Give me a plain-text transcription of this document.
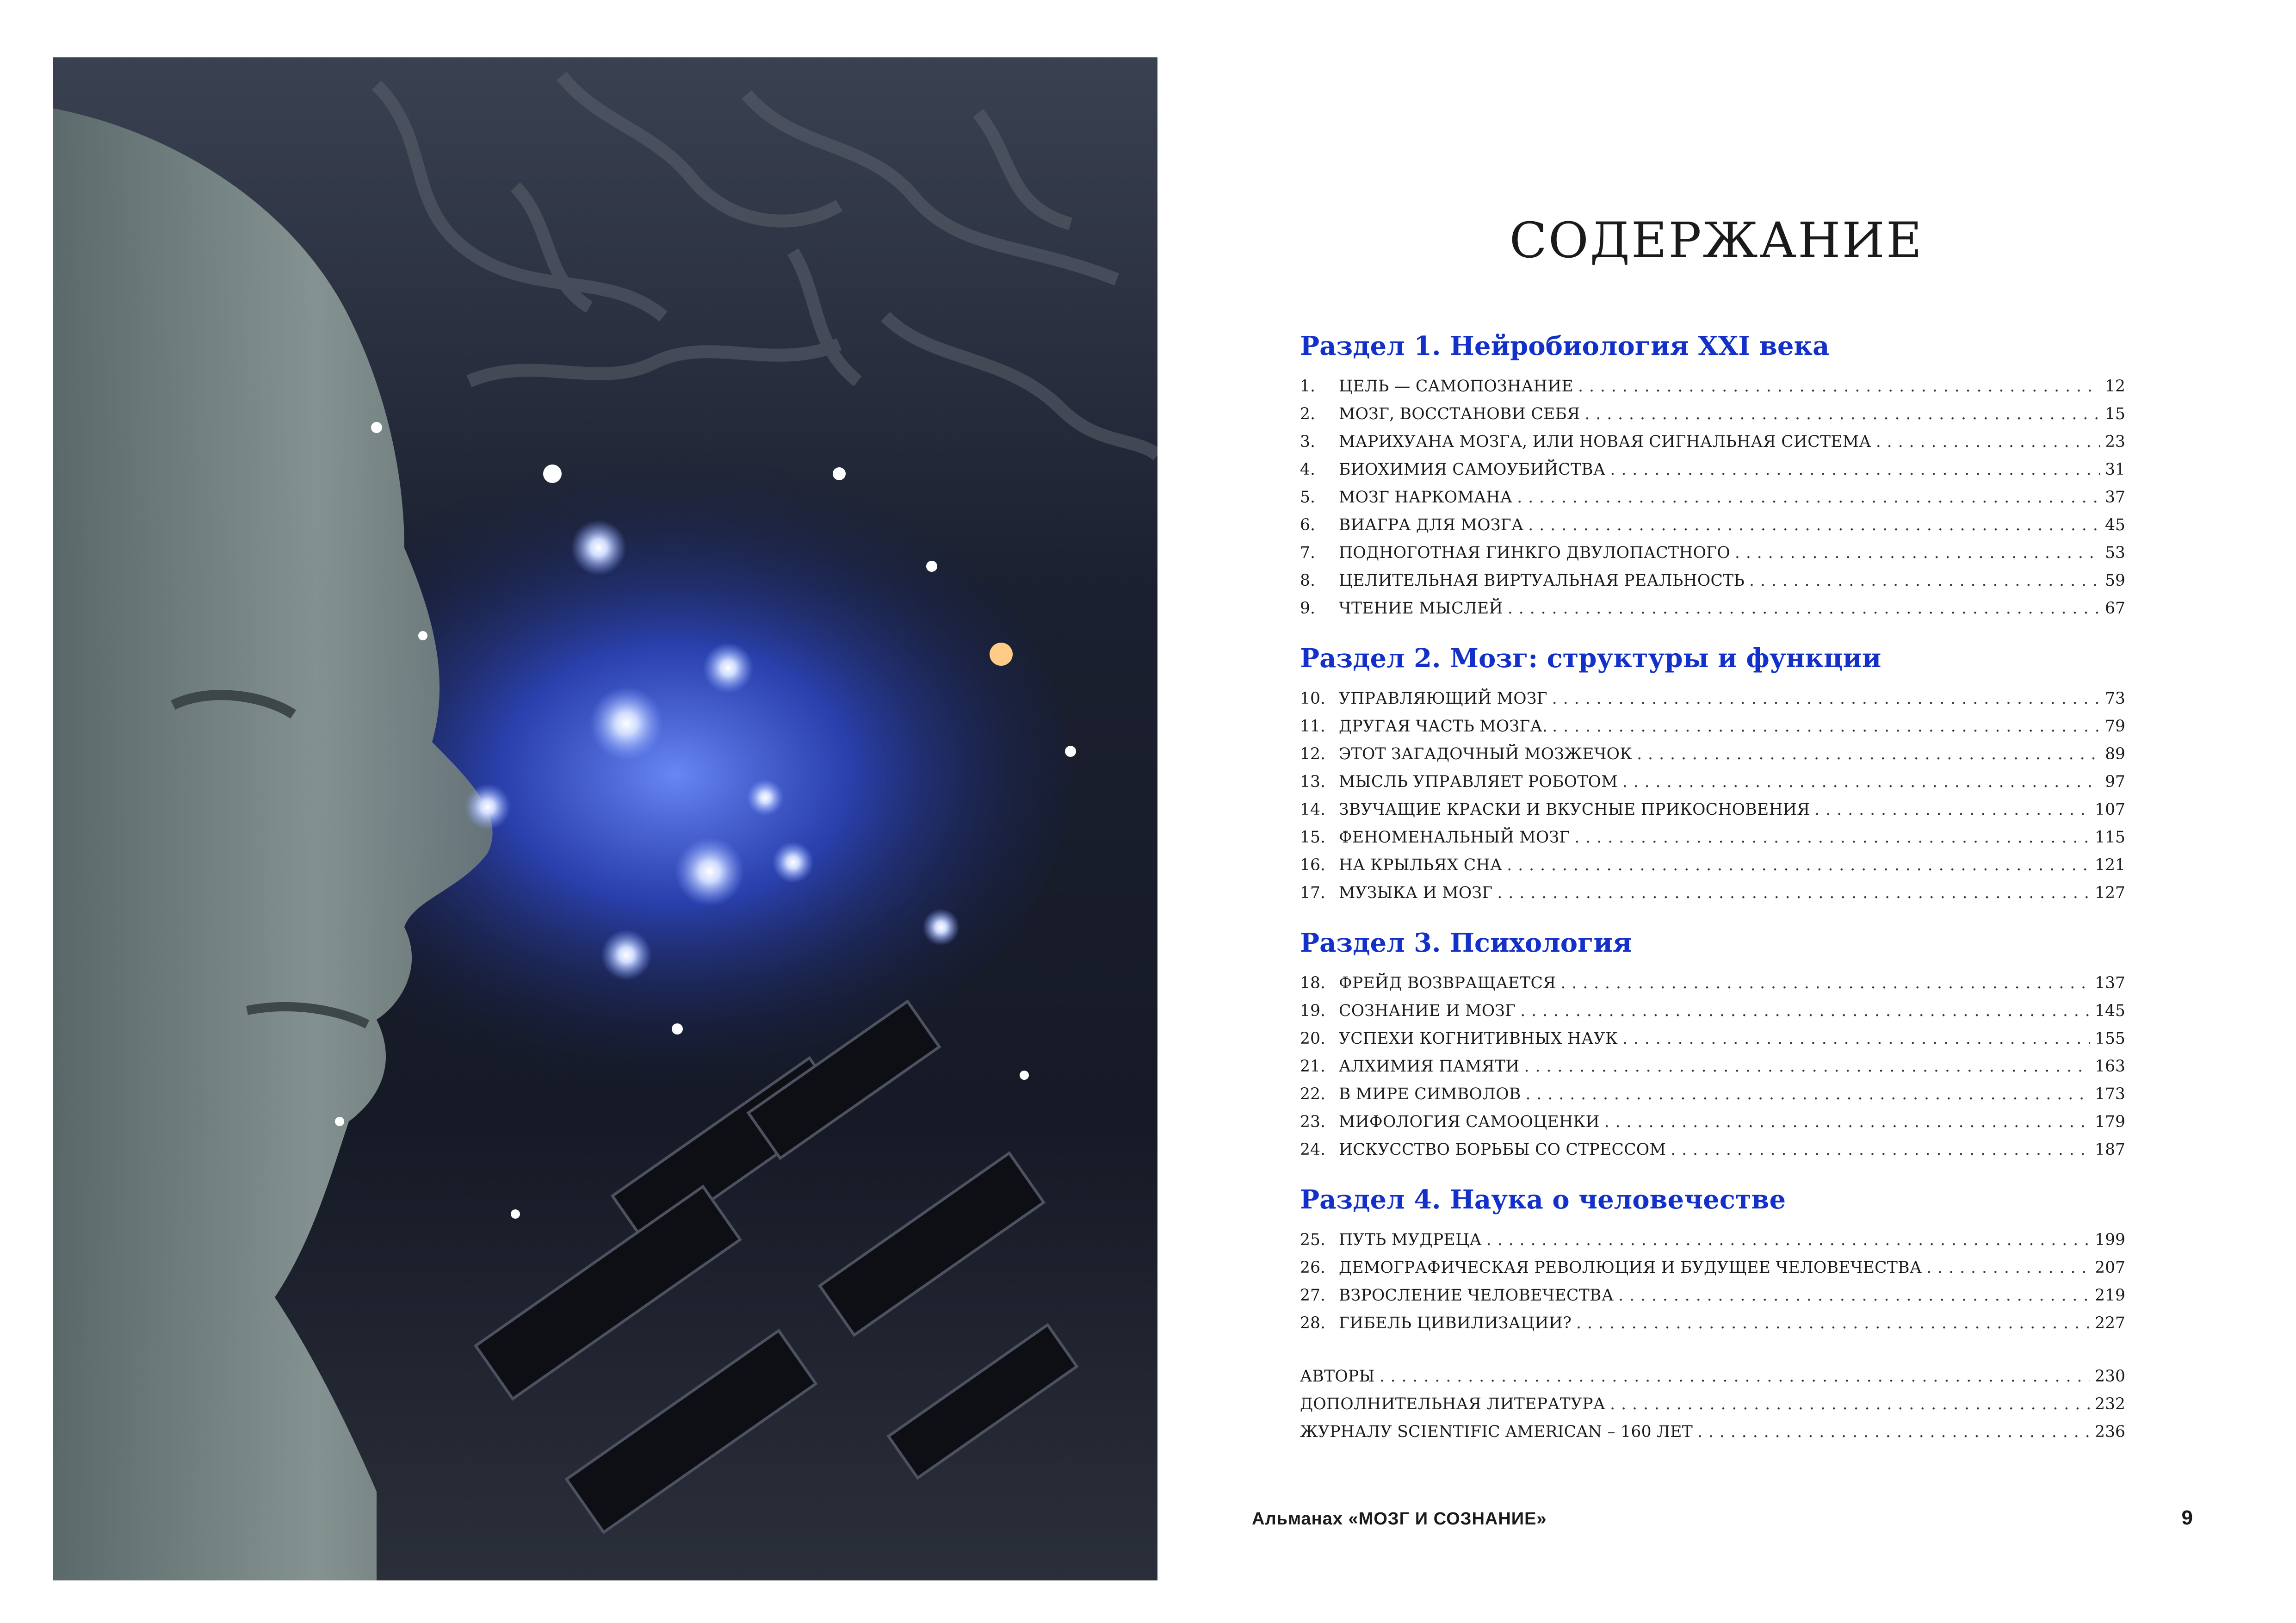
СОДЕРЖАНИЕ
Раздел 1. Нейробиология XXI века
1.	ЦЕЛЬ — САМОПОЗНАНИЕ . . .	12
2.	МОЗГ, ВОССТАНОВИ СЕБЯ . . .	15
3.	МАРИХУАНА МОЗГА, ИЛИ НОВАЯ СИГНАЛЬНАЯ СИСТЕМА . . .	23
4.	БИОХИМИЯ САМОУБИЙСТВА . . .	31
5.	МОЗГ НАРКОМАНА . . .	37
6.	ВИАГРА ДЛЯ МОЗГА . . .	45
7.	ПОДНОГОТНАЯ ГИНКГО ДВУЛОПАСТНОГО . . .	53
8.	ЦЕЛИТЕЛЬНАЯ ВИРТУАЛЬНАЯ РЕАЛЬНОСТЬ . . .	59
9.	ЧТЕНИЕ МЫСЛЕЙ . . .	67
Раздел 2. Мозг: структуры и функции
10. УПРАВЛЯЮЩИЙ МОЗГ . . .	73
11. ДРУГАЯ ЧАСТЬ МОЗГА. . . .	79
12. ЭТОТ ЗАГАДОЧНЫЙ МОЗЖЕЧОК . . .	89
13. МЫСЛЬ УПРАВЛЯЕТ РОБОТОМ . . .	97
14. ЗВУЧАЩИЕ КРАСКИ И ВКУСНЫЕ ПРИКОСНОВЕНИЯ . . .	107
15. ФЕНОМЕНАЛЬНЫЙ МОЗГ . . .	115
16. НА КРЫЛЬЯХ СНА . . .	121
17. МУЗЫКА И МОЗГ . . .	127
Раздел 3. Психология
18. ФРЕЙД ВОЗВРАЩАЕТСЯ . . .	137
19. СОЗНАНИЕ И МОЗГ . . .	145
20. УСПЕХИ КОГНИТИВНЫХ НАУК . . .	155
21. АЛХИМИЯ ПАМЯТИ . . .	163
22. В МИРЕ СИМВОЛОВ . . .	173
23. МИФОЛОГИЯ САМООЦЕНКИ . . .	179
24. ИСКУССТВО БОРЬБЫ СО СТРЕССОМ . . .	187
Раздел 4. Наука о человечестве
25. ПУТЬ МУДРЕЦА . . .	199
26. ДЕМОГРАФИЧЕСКАЯ РЕВОЛЮЦИЯ И БУДУЩЕЕ ЧЕЛОВЕЧЕСТВА . . .	207
27. ВЗРОСЛЕНИЕ ЧЕЛОВЕЧЕСТВА . . .	219
28. ГИБЕЛЬ ЦИВИЛИЗАЦИИ? . . .	227
АВТОРЫ . . .	230
ДОПОЛНИТЕЛЬНАЯ ЛИТЕРАТУРА . . .	232
ЖУРНАЛУ SCIENTIFIC AMERICAN – 160 ЛЕТ . . .	236
Альманах «МОЗГ И СОЗНАНИЕ»	9
